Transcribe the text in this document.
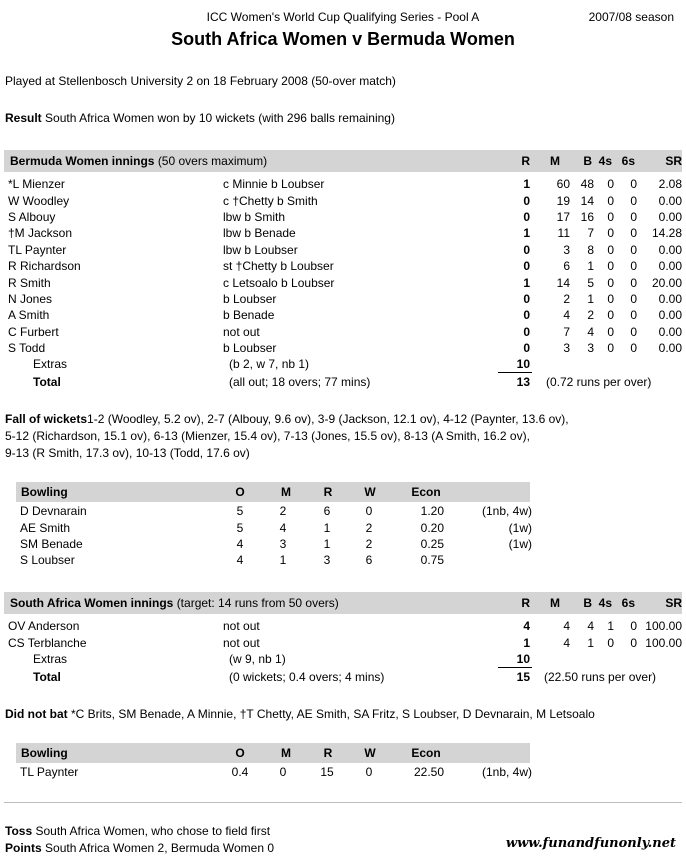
ICC Women's World Cup Qualifying Series - Pool A	2007/08 season
South Africa Women v Bermuda Women
Played at Stellenbosch University 2 on 18 February 2008 (50-over match)
Result South Africa Women won by 10 wickets (with 296 balls remaining)
Bermuda Women innings (50 overs maximum)	R	M	B 4s 6s	SR
*L Mienzer	c Minnie b Loubser	1	60	48	0	0	2.08
W Woodley	c †Chetty b Smith	0	19	14	0	0	0.00
S Albouy	lbw b Smith	0	17	16	0	0	0.00
†M Jackson	lbw b Benade	1	11	7	0	0	14.28
TL Paynter	lbw b Loubser	0	3	8	0	0	0.00
R Richardson	st †Chetty b Loubser	0	6	1	0	0	0.00
R Smith	c Letsoalo b Loubser	1	14	5	0	0	20.00
N Jones	b Loubser	0	2	1	0	0	0.00
A Smith	b Benade	0	4	2	0	0	0.00
C Furbert	not out	0	7	4	0	0	0.00
S Todd	b Loubser	0	3	3	0	0	0.00
Extras	(b 2, w 7, nb 1)	10
Total	(all out; 18 overs; 77 mins)	13 (0.72 runs per over)
Fall of wickets1-2 (Woodley, 5.2 ov), 2-7 (Albouy, 9.6 ov), 3-9 (Jackson, 12.1 ov), 4-12 (Paynter, 13.6 ov),
5-12 (Richardson, 15.1 ov), 6-13 (Mienzer, 15.4 ov), 7-13 (Jones, 15.5 ov), 8-13 (A Smith, 16.2 ov),
9-13 (R Smith, 17.3 ov), 10-13 (Todd, 17.6 ov)
Bowling	O	M	R	W	Econ
D Devnarain	5	2	6	0	1.20	(1nb, 4w)
AE Smith	5	4	1	2	0.20	(1w)
SM Benade	4	3	1	2	0.25	(1w)
S Loubser	4	1	3	6	0.75	
South Africa Women innings (target: 14 runs from 50 overs)	R	M	B 4s 6s	SR
OV Anderson	not out	4	4	4	1	0	100.00
CS Terblanche	not out	1	4	1	0	0	100.00
Extras	(w 9, nb 1)	10
Total	(0 wickets; 0.4 overs; 4 mins)	15 (22.50 runs per over)
Did not bat *C Brits, SM Benade, A Minnie, †T Chetty, AE Smith, SA Fritz, S Loubser, D Devnarain, M Letsoalo
Bowling	O	M	R	W	Econ
TL Paynter	0.4	0	15	0	22.50	(1nb, 4w)
Toss South Africa Women, who chose to field first
Points South Africa Women 2, Bermuda Women 0	www.funandfunonly.net
